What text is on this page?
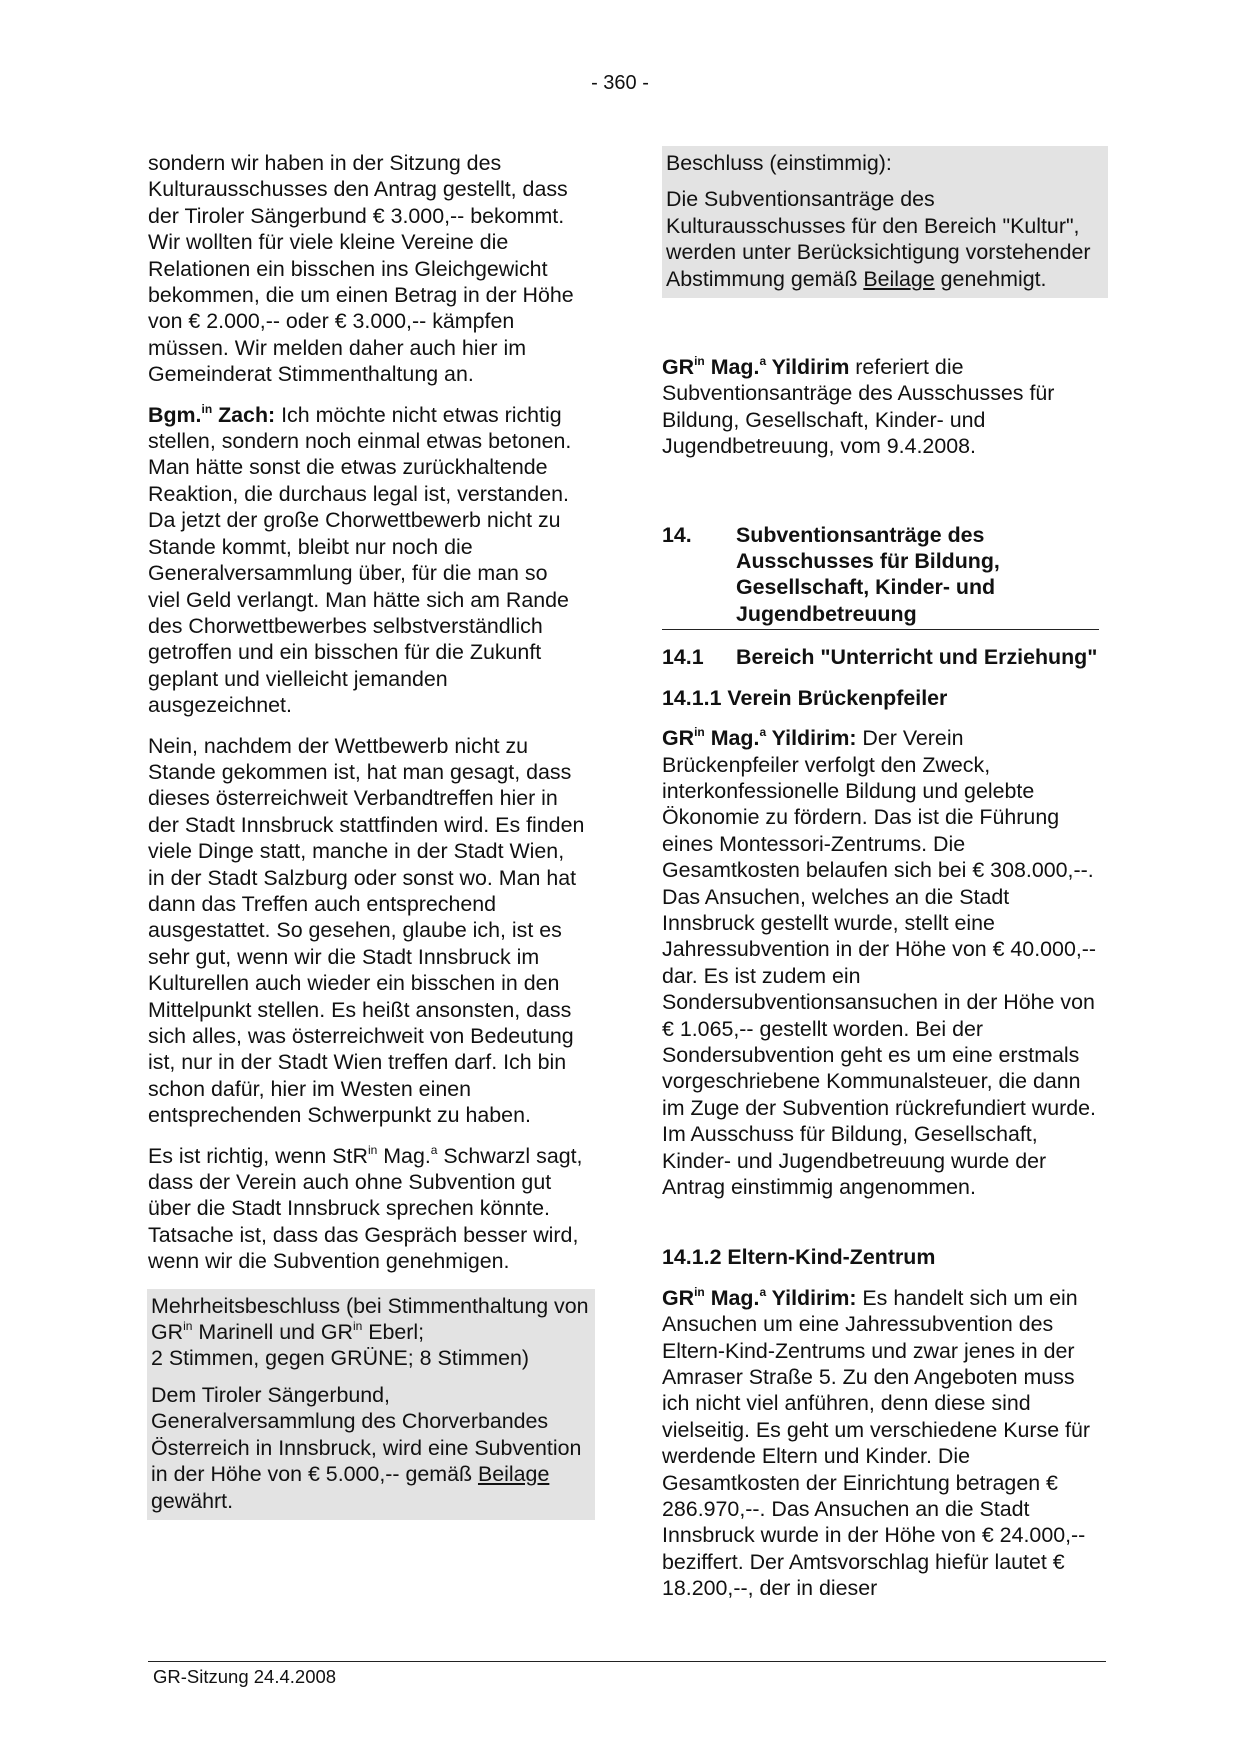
- 360 -

sondern wir haben in der Sitzung des Kulturausschusses den Antrag gestellt, dass der Tiroler Sängerbund € 3.000,-- bekommt. Wir wollten für viele kleine Vereine die Relationen ein bisschen ins Gleichgewicht bekommen, die um einen Betrag in der Höhe von € 2.000,-- oder € 3.000,-- kämpfen müssen. Wir melden daher auch hier im Gemeinderat Stimmenthaltung an.

Bgm.$^{in}$ Zach: Ich möchte nicht etwas richtig stellen, sondern noch einmal etwas betonen. Man hätte sonst die etwas zurückhaltende Reaktion, die durchaus legal ist, verstanden. Da jetzt der große Chorwettbewerb nicht zu Stande kommt, bleibt nur noch die Generalversammlung über, für die man so viel Geld verlangt. Man hätte sich am Rande des Chorwettbewerbes selbstverständlich getroffen und ein bisschen für die Zukunft geplant und vielleicht jemanden ausgezeichnet.

Nein, nachdem der Wettbewerb nicht zu Stande gekommen ist, hat man gesagt, dass dieses österreichweit Verbandtreffen hier in der Stadt Innsbruck stattfinden wird. Es finden viele Dinge statt, manche in der Stadt Wien, in der Stadt Salzburg oder sonst wo. Man hat dann das Treffen auch entsprechend ausgestattet. So gesehen, glaube ich, ist es sehr gut, wenn wir die Stadt Innsbruck im Kulturellen auch wieder ein bisschen in den Mittelpunkt stellen. Es heißt ansonsten, dass sich alles, was österreichweit von Bedeutung ist, nur in der Stadt Wien treffen darf. Ich bin schon dafür, hier im Westen einen entsprechenden Schwerpunkt zu haben.

Es ist richtig, wenn StR$^{in}$ Mag.$^a$ Schwarzl sagt, dass der Verein auch ohne Subvention gut über die Stadt Innsbruck sprechen könnte. Tatsache ist, dass das Gespräch besser wird, wenn wir die Subvention genehmigen.

Mehrheitsbeschluss (bei Stimmenthaltung von $GR^{in}$ Marinell und $GR^{in}$ Eberl;
2 Stimmen, gegen GRÜNE; 8 Stimmen)

Dem Tiroler Sängerbund, Generalversammlung des Chorverbandes Österreich in Innsbruck, wird eine Subvention in der Höhe von € 5.000,-- gemäß Beilage gewährt.

Beschluss (einstimmig):

Die Subventionsanträge des Kulturausschusses für den Bereich "Kultur", werden unter Berücksichtigung vorstehender Abstimmung gemäß Beilage genehmigt.

$GR^{in}$ Mag.$^a$ Yildirim referiert die Subventionsanträge des Ausschusses für Bildung, Gesellschaft, Kinder- und Jugendbetreuung, vom 9.4.2008.

14.	Subventionsanträge des Ausschusses für Bildung, Gesellschaft, Kinder- und Jugendbetreuung
14.1	Bereich "Unterricht und Erziehung"

14.1.1 Verein Brückenpfeiler

$GR^{in}$ Mag.$^a$ Yildirim: Der Verein Brückenpfeiler verfolgt den Zweck, interkonfessionelle Bildung und gelebte Ökonomie zu fördern. Das ist die Führung eines Montessori-Zentrums. Die Gesamtkosten belaufen sich bei € 308.000,--. Das Ansuchen, welches an die Stadt Innsbruck gestellt wurde, stellt eine Jahressubvention in der Höhe von € 40.000,-- dar. Es ist zudem ein Sondersubventionsansuchen in der Höhe von € 1.065,-- gestellt worden. Bei der Sondersubvention geht es um eine erstmals vorgeschriebene Kommunalsteuer, die dann im Zuge der Subvention rückrefundiert wurde. Im Ausschuss für Bildung, Gesellschaft, Kinder- und Jugendbetreuung wurde der Antrag einstimmig angenommen.

14.1.2 Eltern-Kind-Zentrum

$GR^{in}$ Mag.$^a$ Yildirim: Es handelt sich um ein Ansuchen um eine Jahressubvention des Eltern-Kind-Zentrums und zwar jenes in der Amraser Straße 5. Zu den Angeboten muss ich nicht viel anführen, denn diese sind vielseitig. Es geht um verschiedene Kurse für werdende Eltern und Kinder. Die Gesamtkosten der Einrichtung betragen € 286.970,--. Das Ansuchen an die Stadt Innsbruck wurde in der Höhe von € 24.000,-- beziffert. Der Amtsvorschlag hiefür lautet € 18.200,--, der in dieser

GR-Sitzung 24.4.2008
